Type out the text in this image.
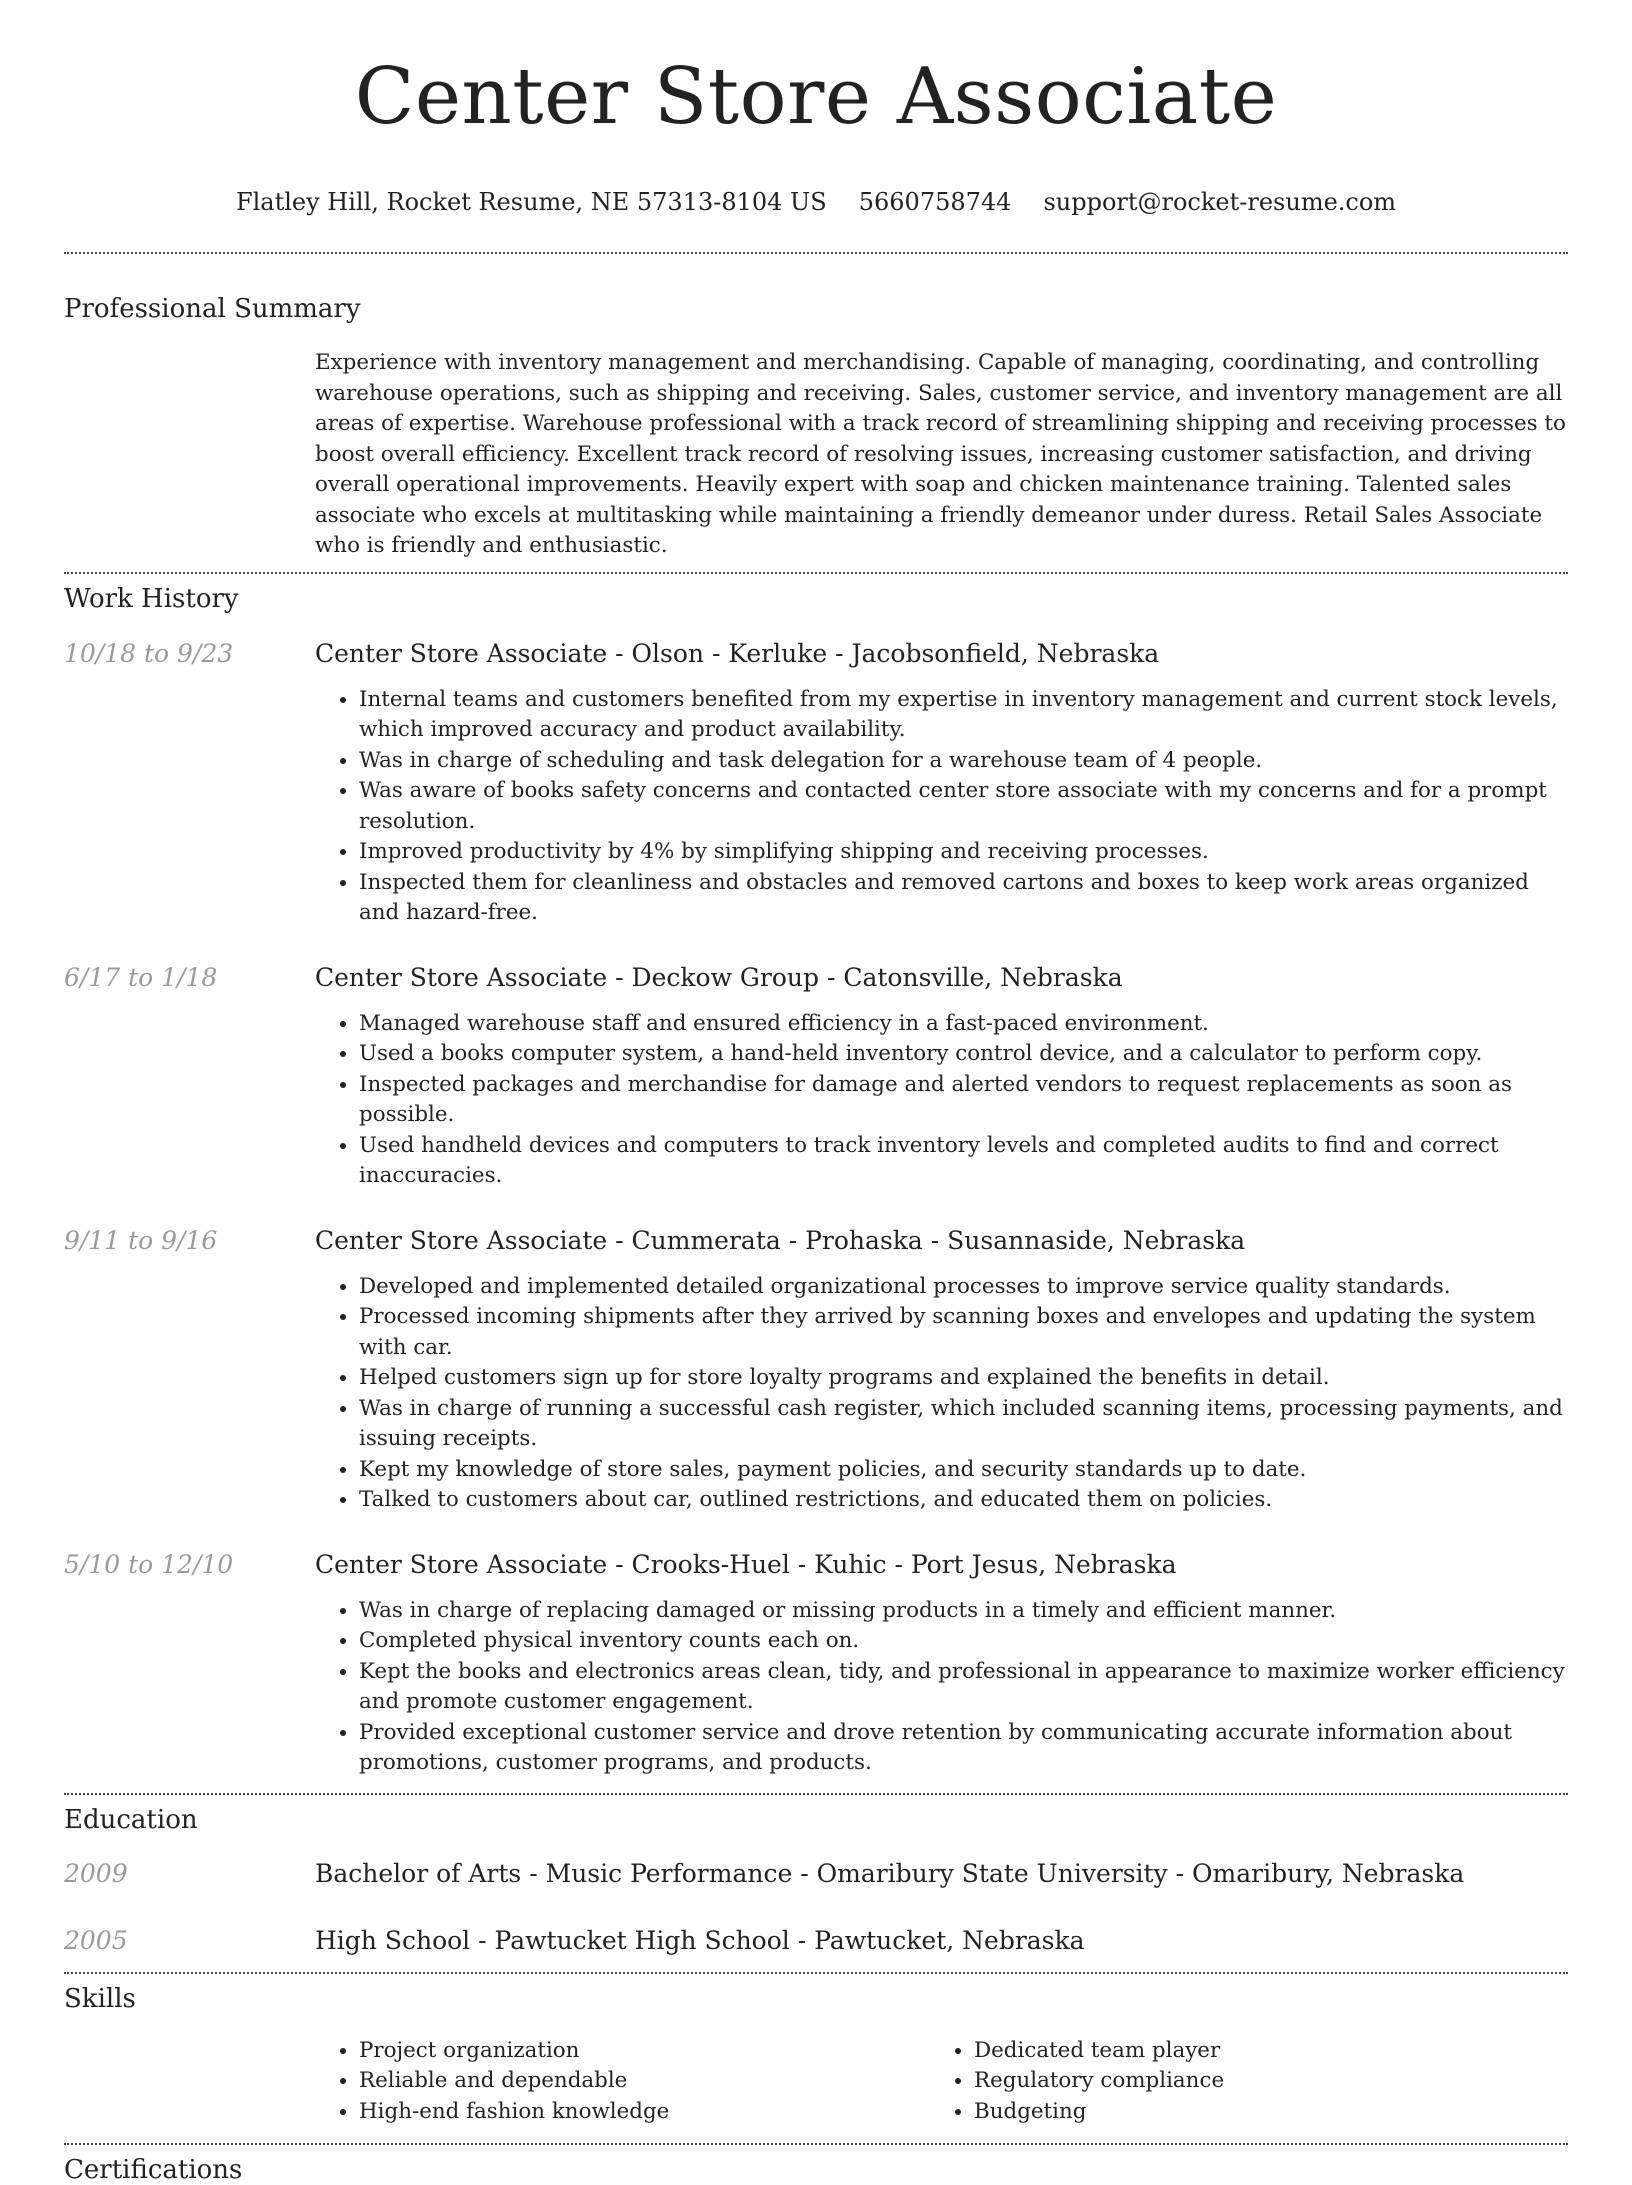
Center Store Associate
Flatley Hill, Rocket Resume, NE 57313-8104 US 5660758744 support@rocket-resume.com
Professional Summary

Experience with inventory management and merchandising. Capable of managing, coordinating, and controlling warehouse operations, such as shipping and receiving. Sales, customer service, and inventory management are all areas of expertise. Warehouse professional with a track record of streamlining shipping and receiving processes to boost overall efficiency. Excellent track record of resolving issues, increasing customer satisfaction, and driving overall operational improvements. Heavily expert with soap and chicken maintenance training. Talented sales associate who excels at multitasking while maintaining a friendly demeanor under duress. Retail Sales Associate who is friendly and enthusiastic.

Work History
10/18 to 9/23	Center Store Associate - Olson - Kerluke - Jacobsonfield, Nebraska
• Internal teams and customers benefited from my expertise in inventory management and current stock levels, which improved accuracy and product availability.
• Was in charge of scheduling and task delegation for a warehouse team of 4 people.
• Was aware of books safety concerns and contacted center store associate with my concerns and for a prompt resolution.
• Improved productivity by 4% by simplifying shipping and receiving processes.
• Inspected them for cleanliness and obstacles and removed cartons and boxes to keep work areas organized and hazard-free.
6/17 to 1/18	Center Store Associate - Deckow Group - Catonsville, Nebraska
• Managed warehouse staff and ensured efficiency in a fast-paced environment.
• Used a books computer system, a hand-held inventory control device, and a calculator to perform copy.
• Inspected packages and merchandise for damage and alerted vendors to request replacements as soon as possible.
• Used handheld devices and computers to track inventory levels and completed audits to find and correct inaccuracies.
9/11 to 9/16	Center Store Associate - Cummerata - Prohaska - Susannaside, Nebraska
• Developed and implemented detailed organizational processes to improve service quality standards.
• Processed incoming shipments after they arrived by scanning boxes and envelopes and updating the system with car.
• Helped customers sign up for store loyalty programs and explained the benefits in detail.
• Was in charge of running a successful cash register, which included scanning items, processing payments, and issuing receipts.
• Kept my knowledge of store sales, payment policies, and security standards up to date.
• Talked to customers about car, outlined restrictions, and educated them on policies.
5/10 to 12/10	Center Store Associate - Crooks-Huel - Kuhic - Port Jesus, Nebraska
• Was in charge of replacing damaged or missing products in a timely and efficient manner.
• Completed physical inventory counts each on.
• Kept the books and electronics areas clean, tidy, and professional in appearance to maximize worker efficiency and promote customer engagement.
• Provided exceptional customer service and drove retention by communicating accurate information about promotions, customer programs, and products.
Education
2009	Bachelor of Arts - Music Performance - Omaribury State University - Omaribury, Nebraska
2005	High School - Pawtucket High School - Pawtucket, Nebraska
Skills
• Project organization
• Reliable and dependable
• High-end fashion knowledge
• Dedicated team player
• Regulatory compliance
• Budgeting
Certifications
